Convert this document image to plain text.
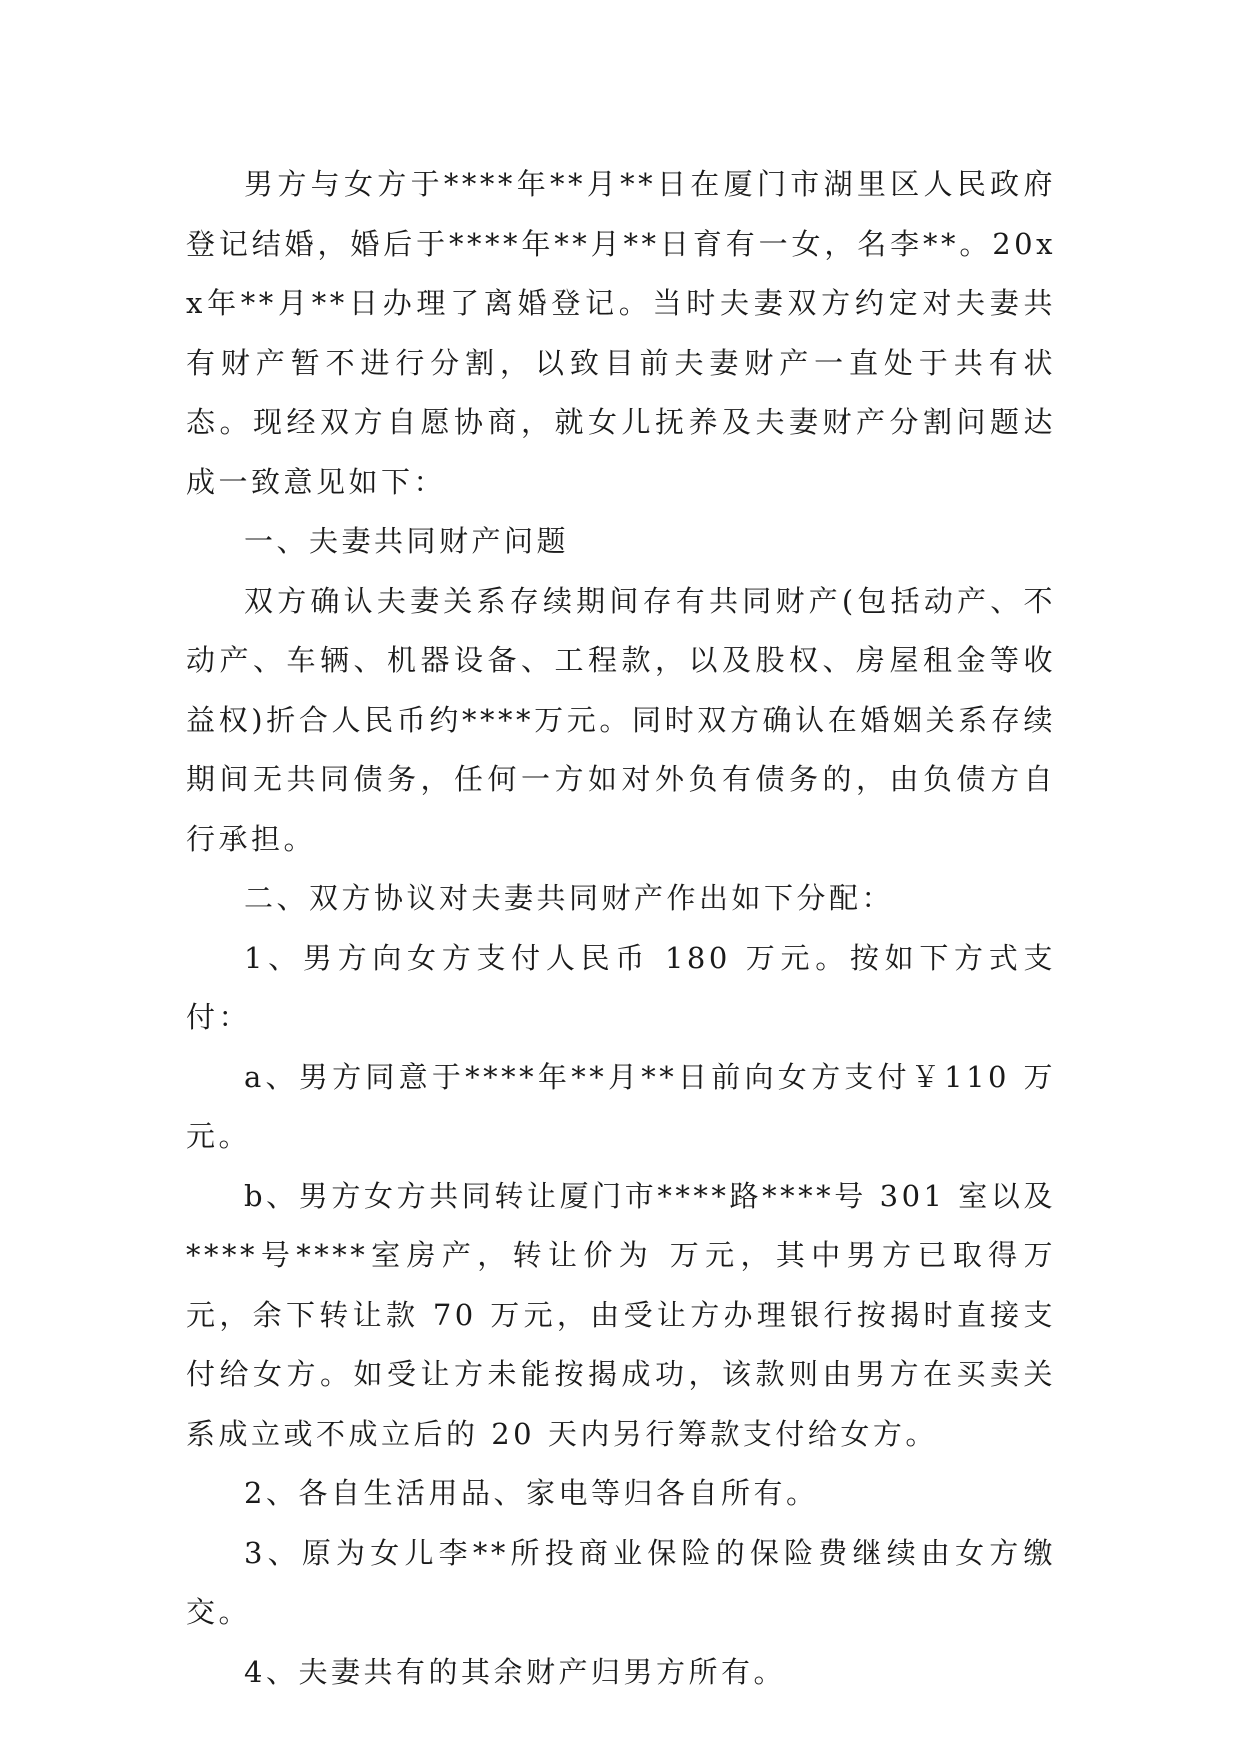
男方与女方于****年**月**日在厦门市湖里区人民政府登记结婚，婚后于****年**月**日育有一女，名李**。20xx年**月**日办理了离婚登记。当时夫妻双方约定对夫妻共有财产暂不进行分割，以致目前夫妻财产一直处于共有状态。现经双方自愿协商，就女儿抚养及夫妻财产分割问题达成一致意见如下：

一、夫妻共同财产问题

双方确认夫妻关系存续期间存有共同财产(包括动产、不动产、车辆、机器设备、工程款，以及股权、房屋租金等收益权)折合人民币约****万元。同时双方确认在婚姻关系存续期间无共同债务，任何一方如对外负有债务的，由负债方自行承担。

二、双方协议对夫妻共同财产作出如下分配：

1、男方向女方支付人民币 180 万元。按如下方式支付：

a、男方同意于****年**月**日前向女方支付￥110 万元。

b、男方女方共同转让厦门市****路****号 301 室以及****号****室房产，转让价为 万元，其中男方已取得万元，余下转让款 70 万元，由受让方办理银行按揭时直接支付给女方。如受让方未能按揭成功，该款则由男方在买卖关系成立或不成立后的 20 天内另行筹款支付给女方。

2、各自生活用品、家电等归各自所有。

3、原为女儿李**所投商业保险的保险费继续由女方缴交。

4、夫妻共有的其余财产归男方所有。
